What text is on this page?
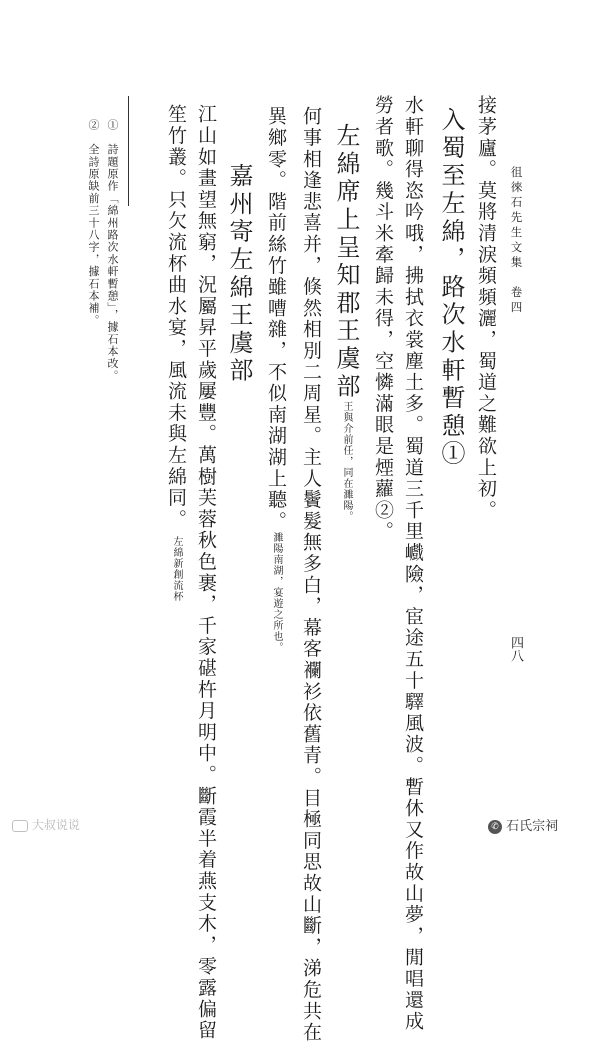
徂徠石先生文集　卷四
四八
接茅廬。莫將清淚頻頻灑，蜀道之難欲上初。
入蜀至左綿，路次水軒暫憩①
水軒聊得恣吟哦，拂拭衣裳塵土多。蜀道三千里巇險，宦途五十驛風波。暫休又作故山夢，閒唱還成
勞者歌。幾斗米牽歸未得，空憐滿眼是煙蘿②。
左綿席上呈知郡王虞部王與介前任，同在濉陽。
何事相逢悲喜并，倏然相別二周星。主人鬢髮無多白，幕客襴衫依舊青。目極同思故山斷，涕危共在
異鄉零。階前絲竹雖嘈雜，不似南湖湖上聽。濉陽南湖，宴遊之所也。
嘉州寄左綿王虞部
江山如畫望無窮，況屬昇平歲屢豐。萬樹芙蓉秋色裹，千家碪杵月明中。斷霞半着燕支木，零露偏留
笙竹叢。只欠流杯曲水宴，風流未與左綿同。左綿新創流杯
①　詩題原作「綿州路次水軒暫憩」，據石本改。
②　全詩原缺前三十八字，據石本補。
大叔说说	✆ 石氏宗祠
